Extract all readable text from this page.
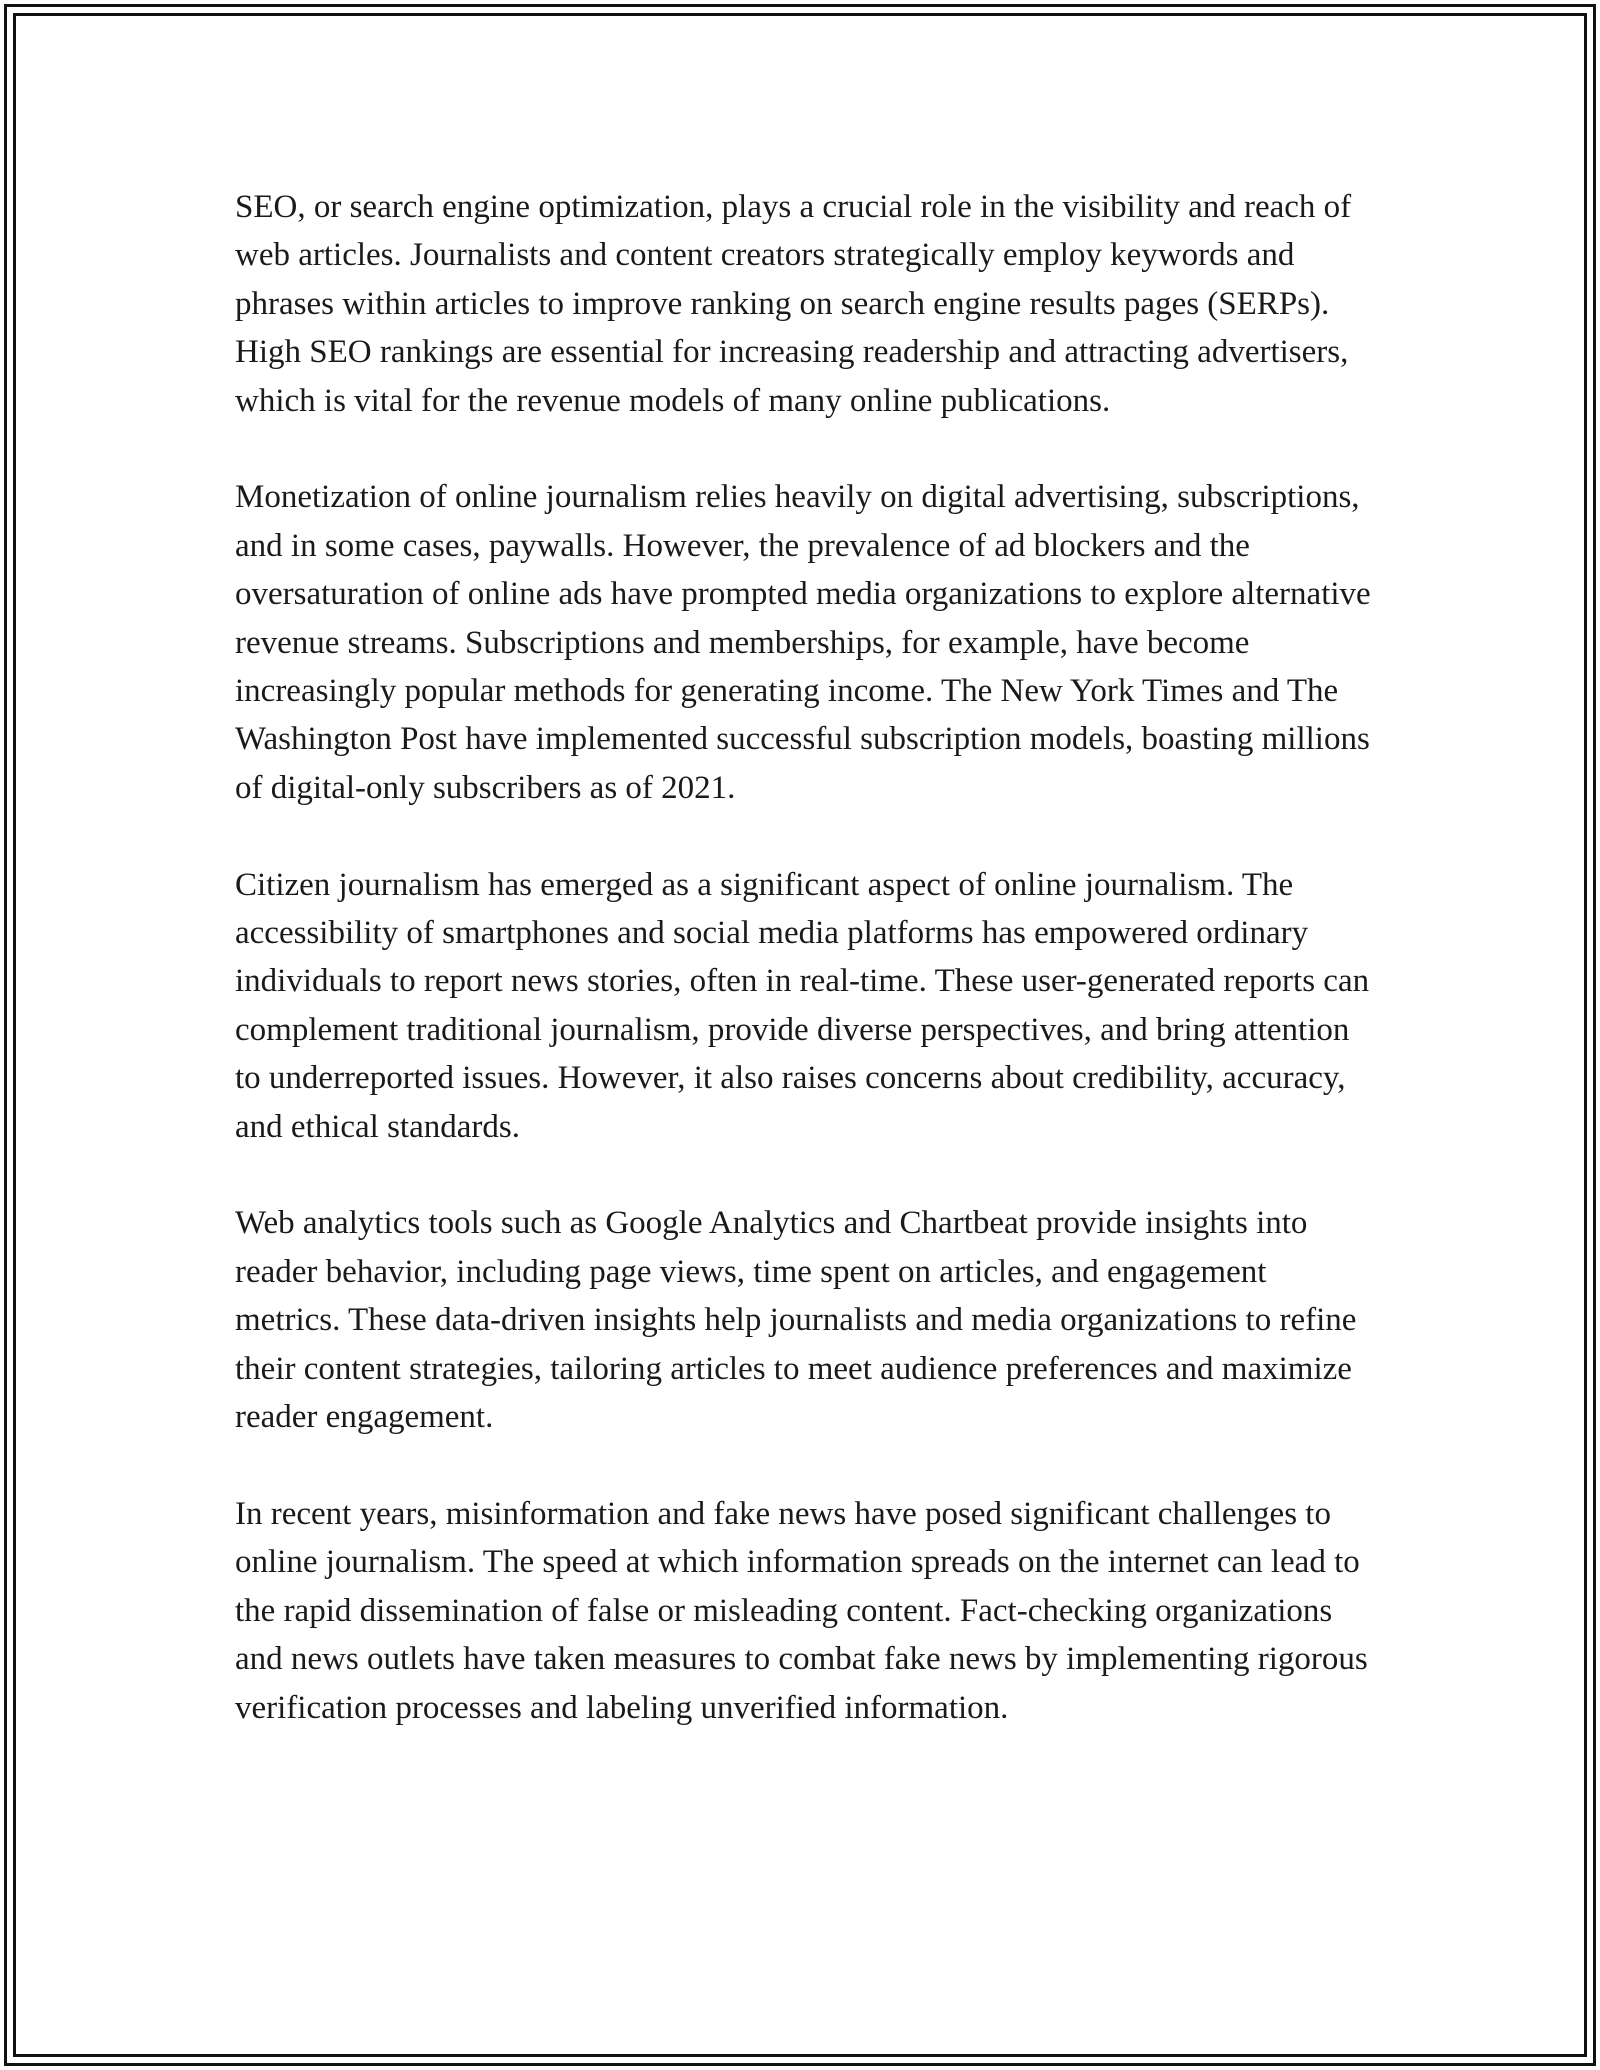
SEO, or search engine optimization, plays a crucial role in the visibility and reach of web articles. Journalists and content creators strategically employ keywords and phrases within articles to improve ranking on search engine results pages (SERPs). High SEO rankings are essential for increasing readership and attracting advertisers, which is vital for the revenue models of many online publications.

Monetization of online journalism relies heavily on digital advertising, subscriptions, and in some cases, paywalls. However, the prevalence of ad blockers and the oversaturation of online ads have prompted media organizations to explore alternative revenue streams. Subscriptions and memberships, for example, have become increasingly popular methods for generating income. The New York Times and The Washington Post have implemented successful subscription models, boasting millions of digital-only subscribers as of 2021.

Citizen journalism has emerged as a significant aspect of online journalism. The accessibility of smartphones and social media platforms has empowered ordinary individuals to report news stories, often in real-time. These user-generated reports can complement traditional journalism, provide diverse perspectives, and bring attention to underreported issues. However, it also raises concerns about credibility, accuracy, and ethical standards.

Web analytics tools such as Google Analytics and Chartbeat provide insights into reader behavior, including page views, time spent on articles, and engagement metrics. These data-driven insights help journalists and media organizations to refine their content strategies, tailoring articles to meet audience preferences and maximize reader engagement.

In recent years, misinformation and fake news have posed significant challenges to online journalism. The speed at which information spreads on the internet can lead to the rapid dissemination of false or misleading content. Fact-checking organizations and news outlets have taken measures to combat fake news by implementing rigorous verification processes and labeling unverified information.
